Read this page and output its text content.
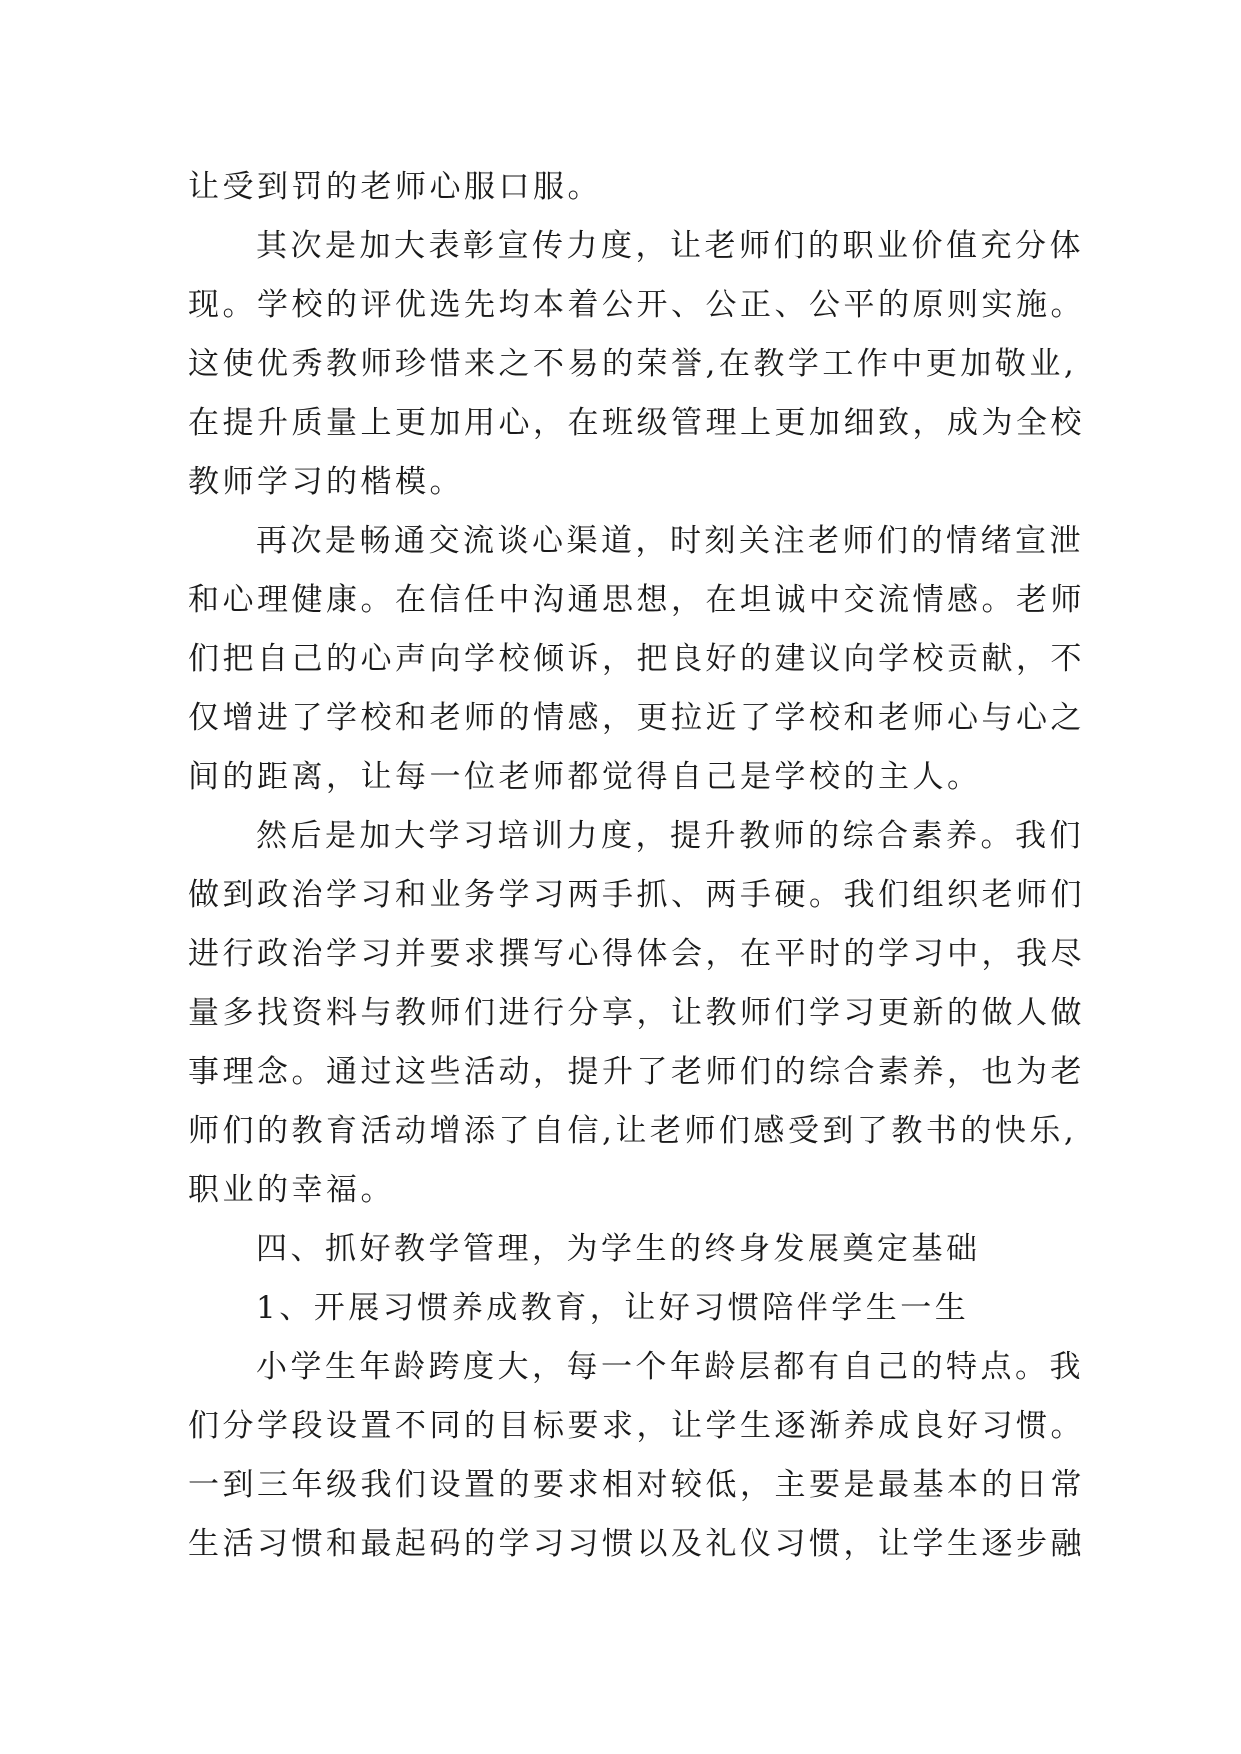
让受到罚的老师心服口服。
其次是加大表彰宣传力度，让老师们的职业价值充分体
现。学校的评优选先均本着公开、公正、公平的原则实施。
这使优秀教师珍惜来之不易的荣誉,在教学工作中更加敬业,
在提升质量上更加用心，在班级管理上更加细致，成为全校
教师学习的楷模。
再次是畅通交流谈心渠道，时刻关注老师们的情绪宣泄
和心理健康。在信任中沟通思想，在坦诚中交流情感。老师
们把自己的心声向学校倾诉，把良好的建议向学校贡献，不
仅增进了学校和老师的情感，更拉近了学校和老师心与心之
间的距离，让每一位老师都觉得自己是学校的主人。
然后是加大学习培训力度，提升教师的综合素养。我们
做到政治学习和业务学习两手抓、两手硬。我们组织老师们
进行政治学习并要求撰写心得体会，在平时的学习中，我尽
量多找资料与教师们进行分享，让教师们学习更新的做人做
事理念。通过这些活动，提升了老师们的综合素养，也为老
师们的教育活动增添了自信,让老师们感受到了教书的快乐,
职业的幸福。
四、抓好教学管理，为学生的终身发展奠定基础
1、开展习惯养成教育，让好习惯陪伴学生一生
小学生年龄跨度大，每一个年龄层都有自己的特点。我
们分学段设置不同的目标要求，让学生逐渐养成良好习惯。
一到三年级我们设置的要求相对较低，主要是最基本的日常
生活习惯和最起码的学习习惯以及礼仪习惯，让学生逐步融
